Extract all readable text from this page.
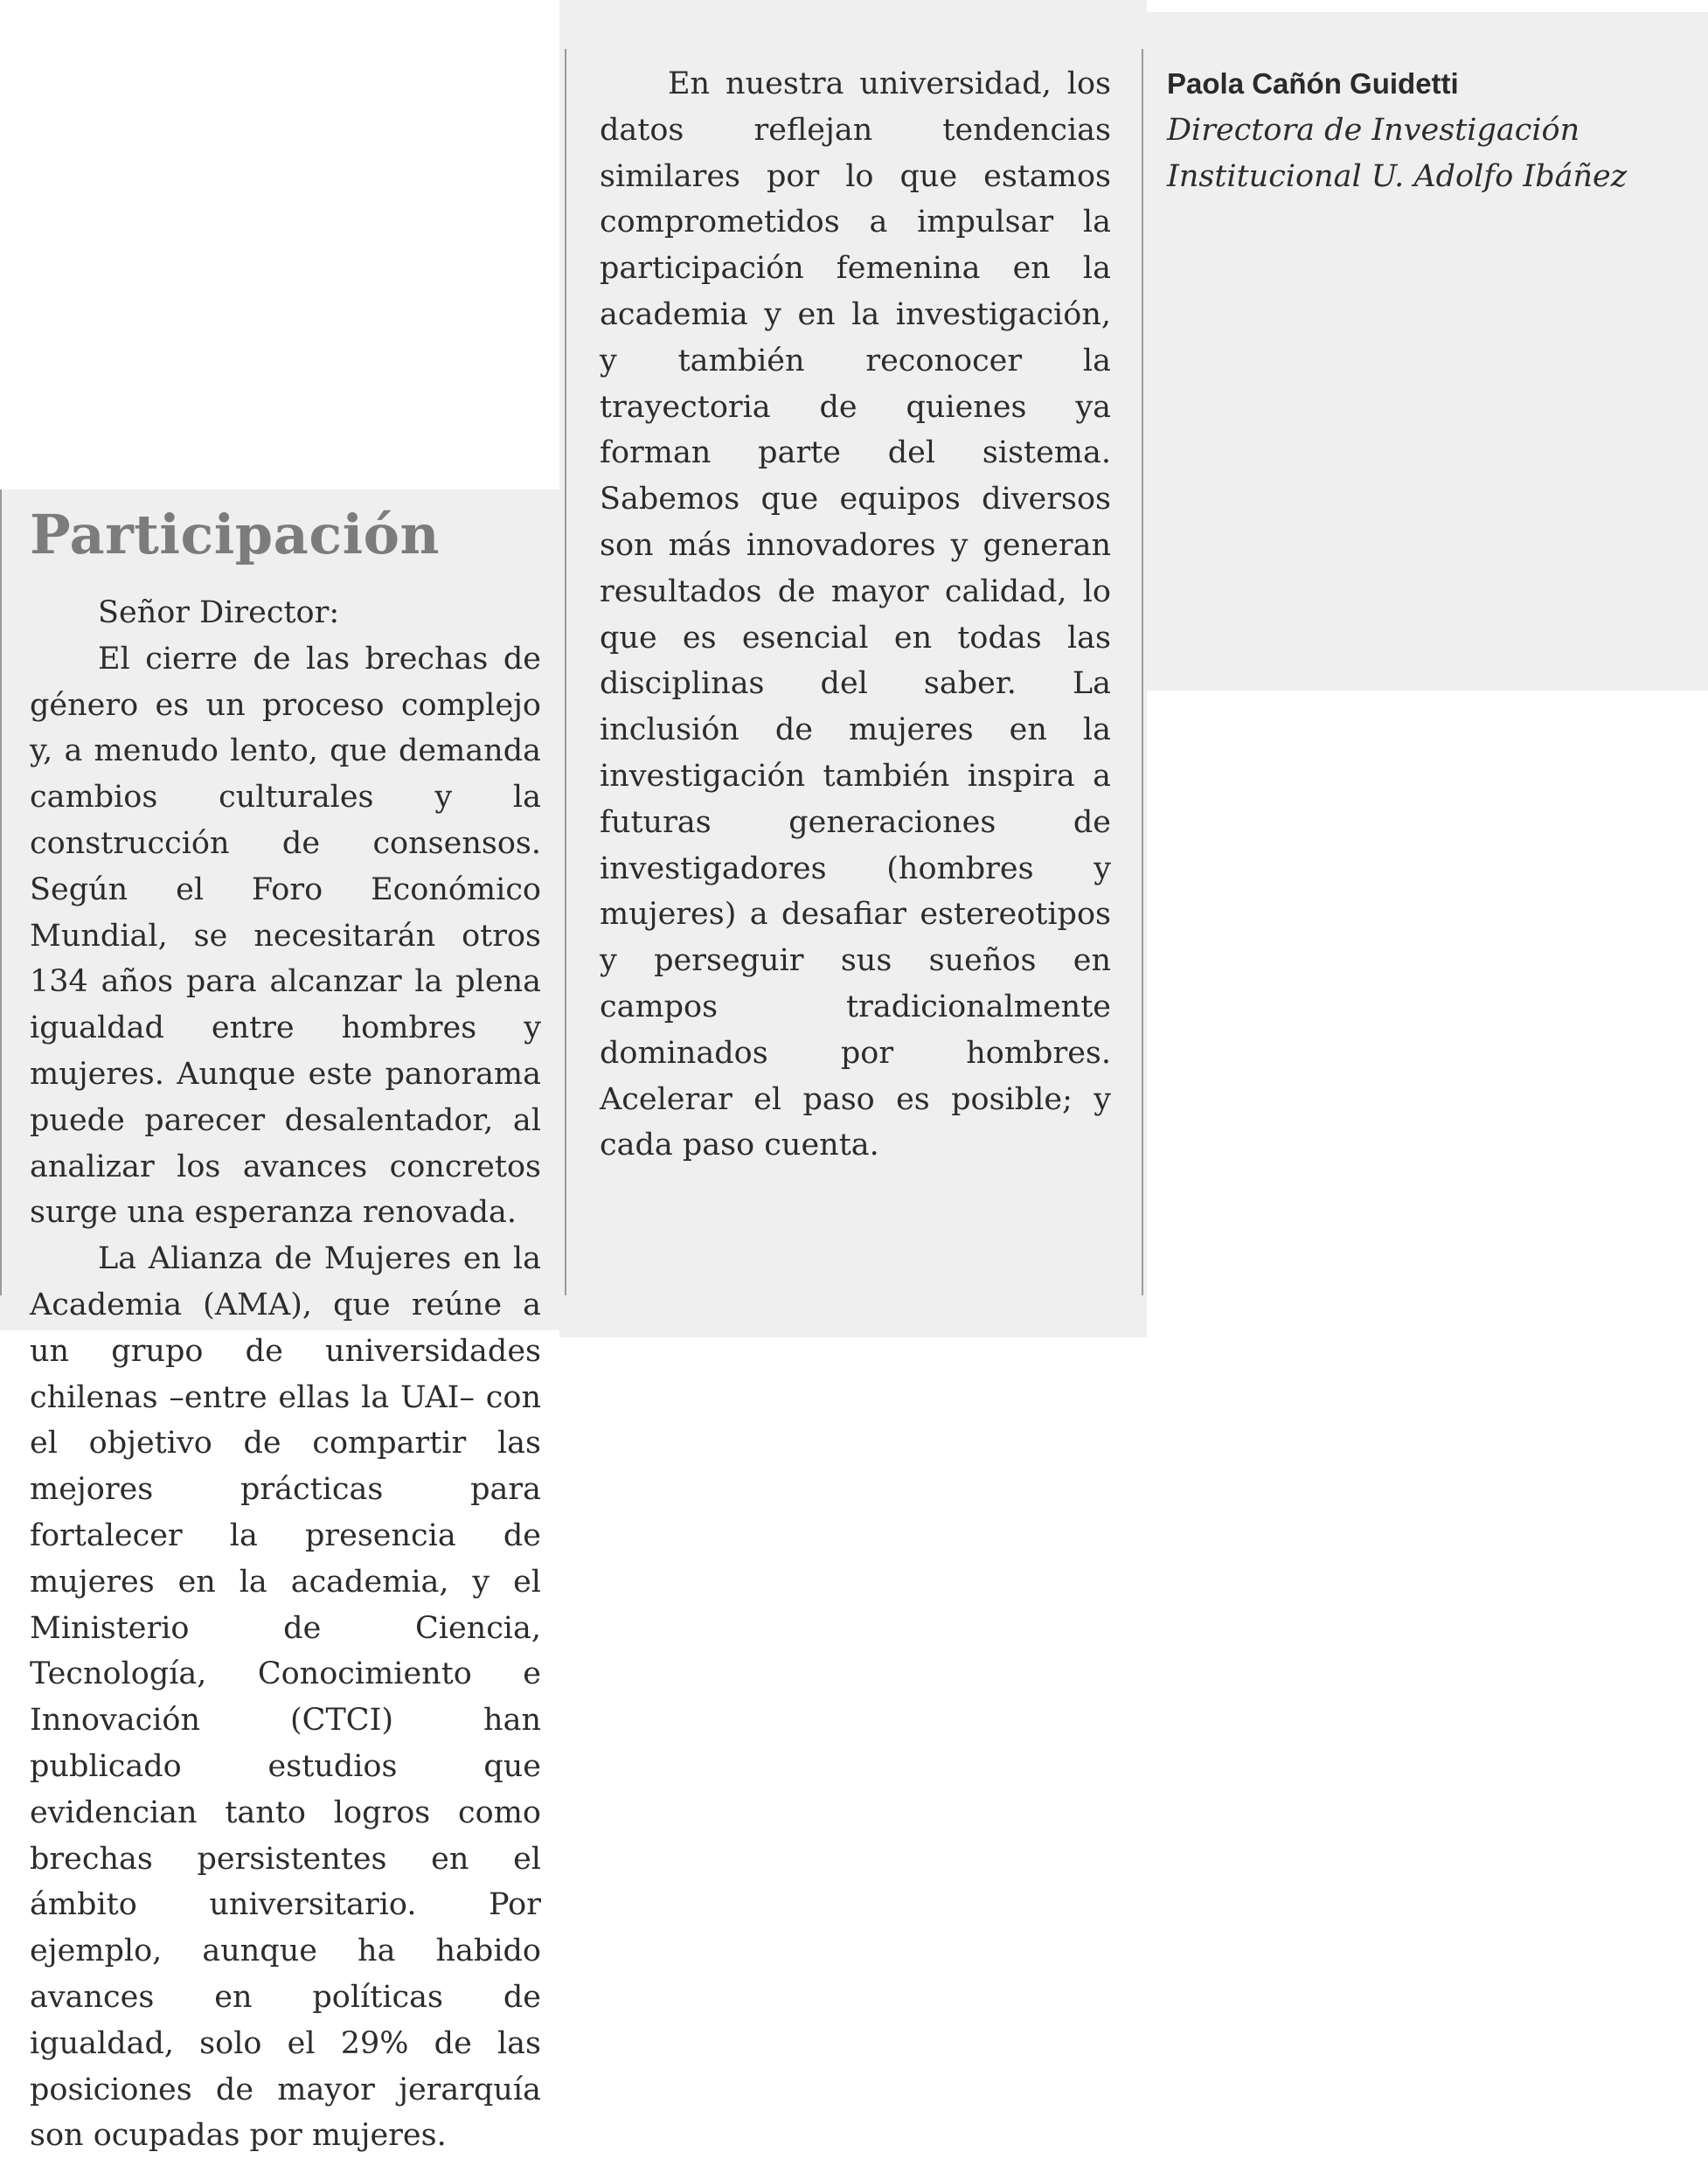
Participación

Señor Director:

El cierre de las brechas de género es un proceso complejo y, a menudo lento, que demanda cambios culturales y la construcción de consensos. Según el Foro Económico Mundial, se necesitarán otros 134 años para alcanzar la plena igualdad entre hombres y mujeres. Aunque este panorama puede parecer desalentador, al analizar los avances concretos surge una esperanza renovada.

La Alianza de Mujeres en la Academia (AMA), que reúne a un grupo de universidades chilenas –entre ellas la UAI– con el objetivo de compartir las mejores prácticas para fortalecer la presencia de mujeres en la academia, y el Ministerio de Ciencia, Tecnología, Conocimiento e Innovación (CTCI) han publicado estudios que evidencian tanto logros como brechas persistentes en el ámbito universitario. Por ejemplo, aunque ha habido avances en políticas de igualdad, solo el 29% de las posiciones de mayor jerarquía son ocupadas por mujeres.

En nuestra universidad, los datos reflejan tendencias similares por lo que estamos comprometidos a impulsar la participación femenina en la academia y en la investigación, y también reconocer la trayectoria de quienes ya forman parte del sistema. Sabemos que equipos diversos son más innovadores y generan resultados de mayor calidad, lo que es esencial en todas las disciplinas del saber. La inclusión de mujeres en la investigación también inspira a futuras generaciones de investigadores (hombres y mujeres) a desafiar estereotipos y perseguir sus sueños en campos tradicionalmente dominados por hombres. Acelerar el paso es posible; y cada paso cuenta.

Paola Cañón Guidetti

Directora de Investigación Institucional U. Adolfo Ibáñez
